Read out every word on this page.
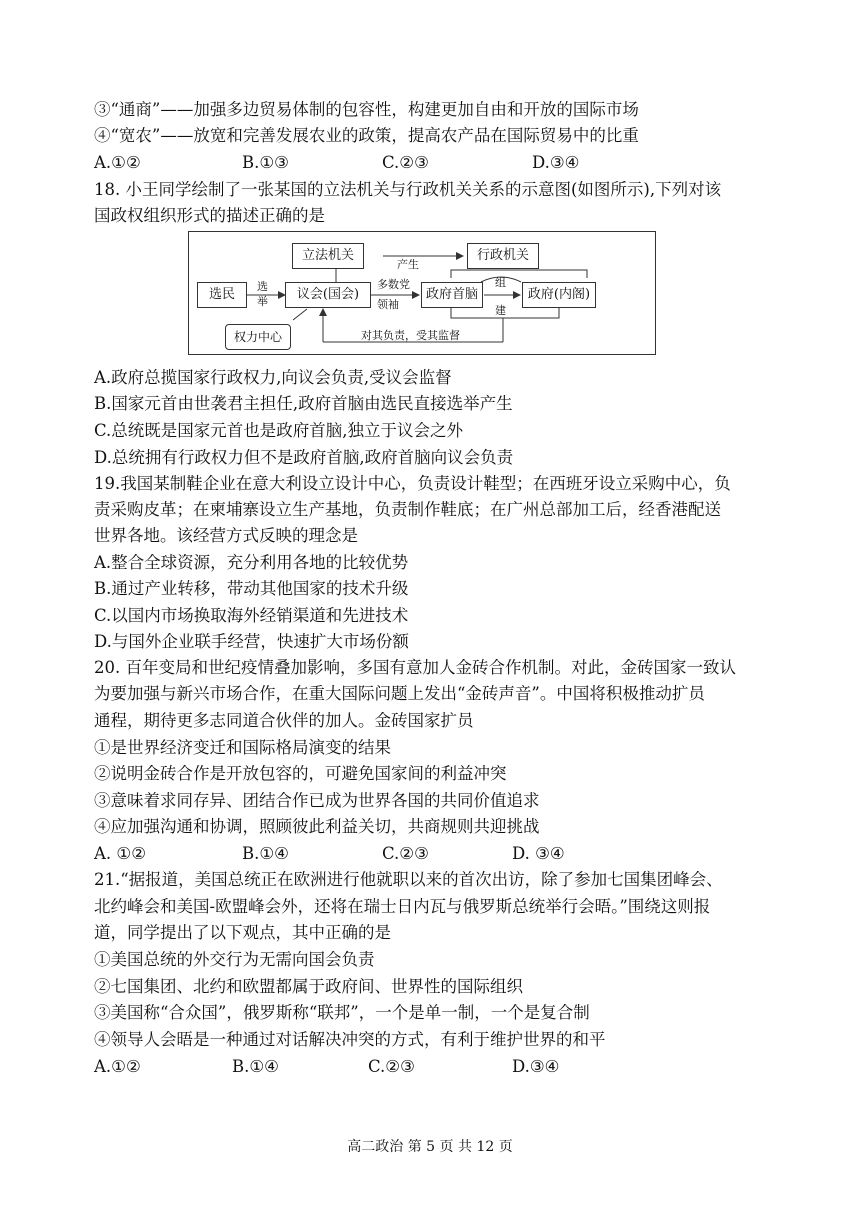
③“通商”——加强多边贸易体制的包容性，构建更加自由和开放的国际市场
④“宽农”——放宽和完善发展农业的政策，提高农产品在国际贸易中的比重
A.①②	B.①③	C.②③	D.③④
18. 小王同学绘制了一张某国的立法机关与行政机关关系的示意图(如图所示),下列对该
国政权组织形式的描述正确的是
立法机关	行政机关
选民	议会(国会)	政府首脑	政府(内阁)
权力中心
产生
选
举
多数党
领袖
组
建
对其负责，受其监督
A.政府总揽国家行政权力,向议会负责,受议会监督
B.国家元首由世袭君主担任,政府首脑由选民直接选举产生
C.总统既是国家元首也是政府首脑,独立于议会之外
D.总统拥有行政权力但不是政府首脑,政府首脑向议会负责
19.我国某制鞋企业在意大利设立设计中心，负责设计鞋型；在西班牙设立采购中心，负
责采购皮革；在柬埔寨设立生产基地，负责制作鞋底；在广州总部加工后，经香港配送
世界各地。该经营方式反映的理念是
A.整合全球资源，充分利用各地的比较优势
B.通过产业转移，带动其他国家的技术升级
C.以国内市场换取海外经销渠道和先进技术
D.与国外企业联手经营，快速扩大市场份额
20. 百年变局和世纪疫情叠加影响，多国有意加人金砖合作机制。对此，金砖国家一致认
为要加强与新兴市场合作，在重大国际问题上发出“金砖声音”。中国将积极推动扩员
通程，期待更多志同道合伙伴的加人。金砖国家扩员
①是世界经济变迁和国际格局演变的结果
②说明金砖合作是开放包容的，可避免国家间的利益冲突
③意味着求同存异、团结合作已成为世界各国的共同价值追求
④应加强沟通和协调，照顾彼此利益关切，共商规则共迎挑战
A. ①②	B.①④	C.②③	D. ③④
21.“据报道，美国总统正在欧洲进行他就职以来的首次出访，除了参加七国集团峰会、
北约峰会和美国-欧盟峰会外，还将在瑞士日内瓦与俄罗斯总统举行会晤。”围绕这则报
道，同学提出了以下观点，其中正确的是
①美国总统的外交行为无需向国会负责
②七国集团、北约和欧盟都属于政府间、世界性的国际组织
③美国称“合众国”，俄罗斯称“联邦”，一个是单一制，一个是复合制
④领导人会晤是一种通过对话解决冲突的方式，有利于维护世界的和平
A.①②	B.①④	C.②③	D.③④
高二政治 第 5 页 共 12 页
